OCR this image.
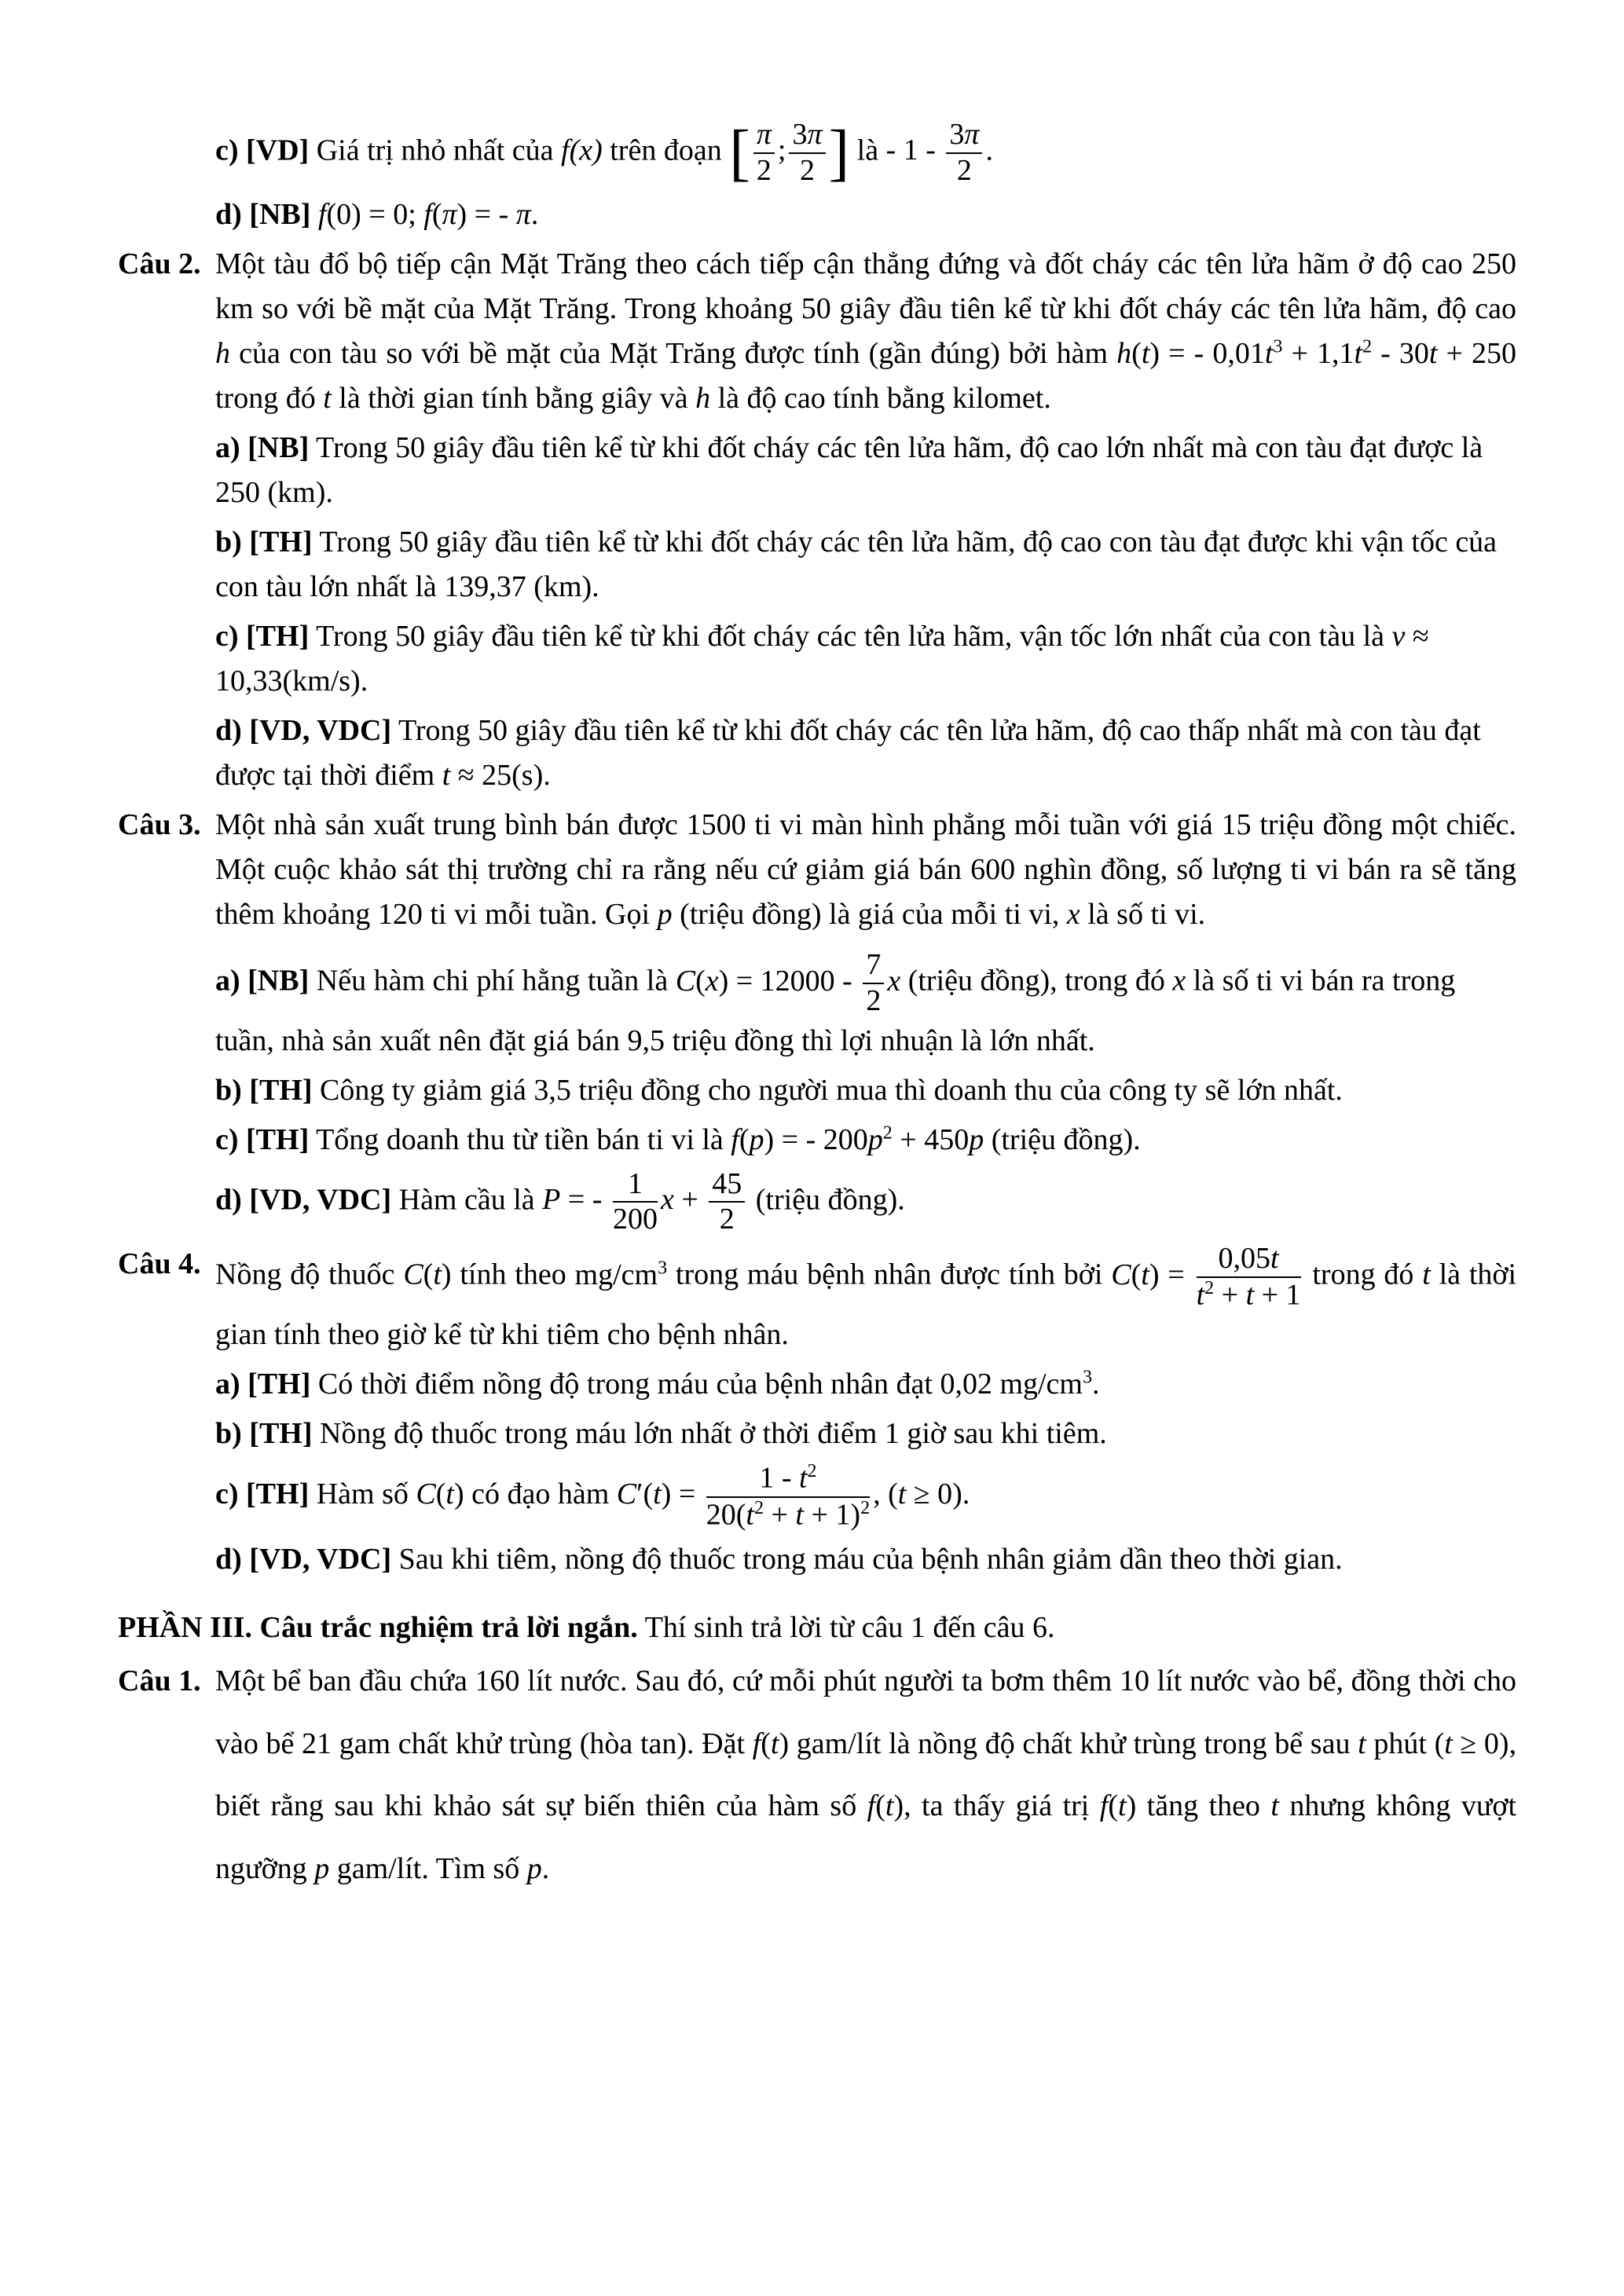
c) [VD] Giá trị nhỏ nhất của f(x) trên đoạn [ $\frac{\pi}{2}$ ; $\frac{3\pi}{2}$ ] là - $1 - \frac{3\pi}{2}$ .

d) [NB] f(0) = 0; f(π) = - π.

Câu 2. Một tàu đổ bộ tiếp cận Mặt Trăng theo cách tiếp cận thẳng đứng và đốt cháy các tên lửa hãm ở độ cao 250 km so với bề mặt của Mặt Trăng. Trong khoảng 50 giây đầu tiên kể từ khi đốt cháy các tên lửa hãm, độ cao h của con tàu so với bề mặt của Mặt Trăng được tính (gần đúng) bởi hàm h(t) = - $0,01t^3 + 1,1t^2 - 30t + 250$ trong đó t là thời gian tính bằng giây và h là độ cao tính bằng kilomet.

a) [NB] Trong 50 giây đầu tiên kể từ khi đốt cháy các tên lửa hãm, độ cao lớn nhất mà con tàu đạt được là 250 (km).

b) [TH] Trong 50 giây đầu tiên kể từ khi đốt cháy các tên lửa hãm, độ cao con tàu đạt được khi vận tốc của con tàu lớn nhất là 139,37 (km).

c) [TH] Trong 50 giây đầu tiên kể từ khi đốt cháy các tên lửa hãm, vận tốc lớn nhất của con tàu là v ≈ 10,33(km/s).

d) [VD, VDC] Trong 50 giây đầu tiên kể từ khi đốt cháy các tên lửa hãm, độ cao thấp nhất mà con tàu đạt được tại thời điểm t ≈ 25(s).

Câu 3. Một nhà sản xuất trung bình bán được 1500 ti vi màn hình phẳng mỗi tuần với giá 15 triệu đồng một chiếc. Một cuộc khảo sát thị trường chỉ ra rằng nếu cứ giảm giá bán 600 nghìn đồng, số lượng ti vi bán ra sẽ tăng thêm khoảng 120 ti vi mỗi tuần. Gọi p (triệu đồng) là giá của mỗi ti vi, x là số ti vi.

a) [NB] Nếu hàm chi phí hằng tuần là $C(x) = 12000 - \frac{7}{2}$ x (triệu đồng), trong đó x là số ti vi bán ra trong tuần, nhà sản xuất nên đặt giá bán 9,5 triệu đồng thì lợi nhuận là lớn nhất.

b) [TH] Công ty giảm giá 3,5 triệu đồng cho người mua thì doanh thu của công ty sẽ lớn nhất.

c) [TH] Tổng doanh thu từ tiền bán ti vi là f(p) = - $200p^2 + 450p$ (triệu đồng).

d) [VD, VDC] Hàm cầu là P = - $\frac{1}{200}$ $x + \frac{45}{2}$ (triệu đồng).

Câu 4. Nồng độ thuốc C(t) tính theo $mg/cm^3$ trong máu bệnh nhân được tính bởi $C(t) = \frac{0,05t}{t^2 + t + 1}$ trong đó t là thời gian tính theo giờ kể từ khi tiêm cho bệnh nhân.

a) [TH] Có thời điểm nồng độ trong máu của bệnh nhân đạt 0,02 $mg/cm^3$.

b) [TH] Nồng độ thuốc trong máu lớn nhất ở thời điểm 1 giờ sau khi tiêm.

c) [TH] Hàm số C(t) có đạo hàm $C'(t) = \frac{1 - t^2}{20(t^2 + t + 1)^2}$ , (t ≥ 0).

d) [VD, VDC] Sau khi tiêm, nồng độ thuốc trong máu của bệnh nhân giảm dần theo thời gian.

PHẦN III. Câu trắc nghiệm trả lời ngắn. Thí sinh trả lời từ câu 1 đến câu 6.

Câu 1. Một bể ban đầu chứa 160 lít nước. Sau đó, cứ mỗi phút người ta bơm thêm 10 lít nước vào bể, đồng thời cho vào bể 21 gam chất khử trùng (hòa tan). Đặt f(t) gam/lít là nồng độ chất khử trùng trong bể sau t phút (t ≥ 0), biết rằng sau khi khảo sát sự biến thiên của hàm số f(t), ta thấy giá trị f(t) tăng theo t nhưng không vượt ngưỡng p gam/lít. Tìm số p.
